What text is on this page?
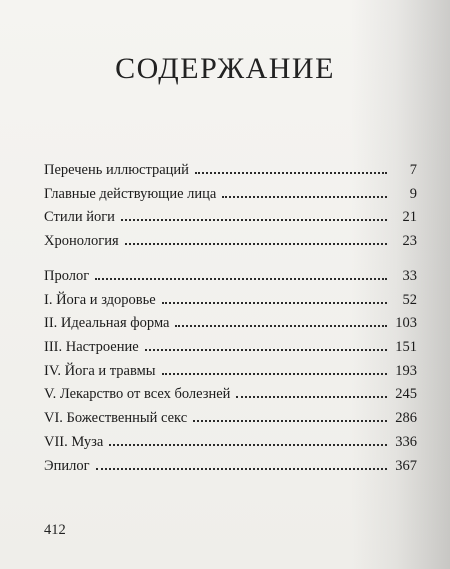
СОДЕРЖАНИЕ
Перечень иллюстраций	7
Главные действующие лица	9
Стили йоги	21
Хронология	23
Пролог	33
I. Йога и здоровье	52
II. Идеальная форма	103
III. Настроение	151
IV. Йога и травмы	193
V. Лекарство от всех болезней	245
VI. Божественный секс	286
VII. Муза	336
Эпилог	367
412
